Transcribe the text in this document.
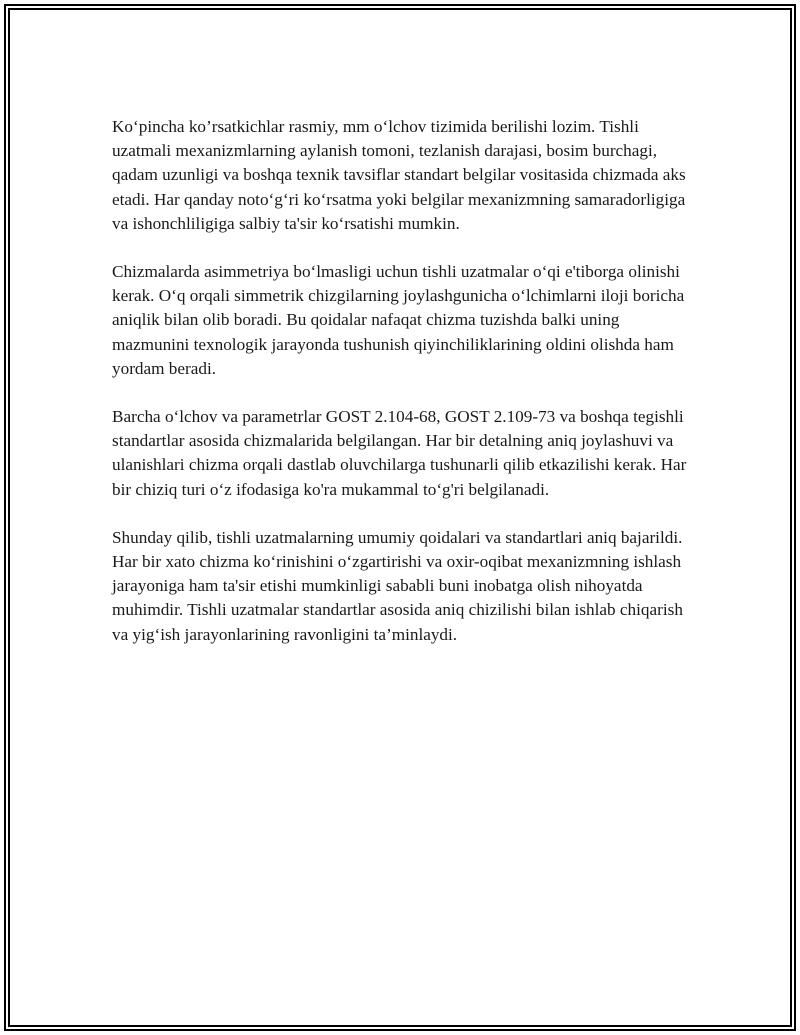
Ko‘pincha ko’rsatkichlar rasmiy, mm o‘lchov tizimida berilishi lozim. Tishli uzatmali mexanizmlarning aylanish tomoni, tezlanish darajasi, bosim burchagi, qadam uzunligi va boshqa texnik tavsiflar standart belgilar vositasida chizmada aks etadi. Har qanday noto‘g‘ri ko‘rsatma yoki belgilar mexanizmning samaradorligiga va ishonchliligiga salbiy ta'sir ko‘rsatishi mumkin.

Chizmalarda asimmetriya bo‘lmasligi uchun tishli uzatmalar o‘qi e'tiborga olinishi kerak. O‘q orqali simmetrik chizgilarning joylashgunicha o‘lchimlarni iloji boricha aniqlik bilan olib boradi. Bu qoidalar nafaqat chizma tuzishda balki uning mazmunini texnologik jarayonda tushunish qiyinchiliklarining oldini olishda ham yordam beradi.

Barcha o‘lchov va parametrlar GOST 2.104-68, GOST 2.109-73 va boshqa tegishli standartlar asosida chizmalarida belgilangan. Har bir detalning aniq joylashuvi va ulanishlari chizma orqali dastlab oluvchilarga tushunarli qilib etkazilishi kerak. Har bir chiziq turi o‘z ifodasiga ko'ra mukammal to‘g'ri belgilanadi.

Shunday qilib, tishli uzatmalarning umumiy qoidalari va standartlari aniq bajarildi. Har bir xato chizma ko‘rinishini o‘zgartirishi va oxir-oqibat mexanizmning ishlash jarayoniga ham ta'sir etishi mumkinligi sababli buni inobatga olish nihoyatda muhimdir. Tishli uzatmalar standartlar asosida aniq chizilishi bilan ishlab chiqarish va yig‘ish jarayonlarining ravonligini ta’minlaydi.
